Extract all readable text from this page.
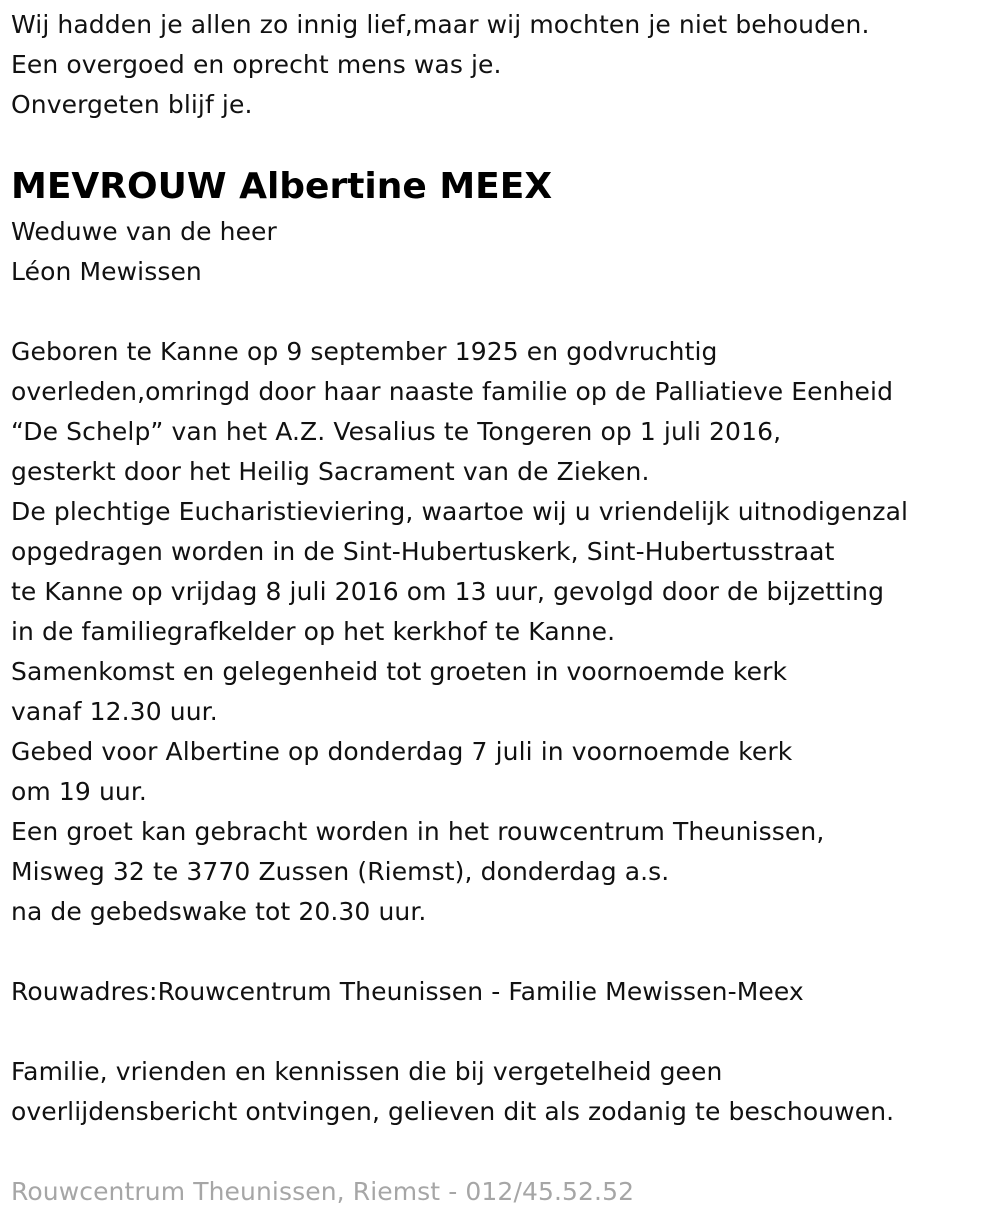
Wij hadden je allen zo innig lief,maar wij mochten je niet behouden.
Een overgoed en oprecht mens was je.
Onvergeten blijf je.
MEVROUW Albertine MEEX
Weduwe van de heer
Léon Mewissen
Geboren te Kanne op 9 september 1925 en godvruchtig
overleden,omringd door haar naaste familie op de Palliatieve Eenheid
“De Schelp” van het A.Z. Vesalius te Tongeren op 1 juli 2016,
gesterkt door het Heilig Sacrament van de Zieken.
De plechtige Eucharistieviering, waartoe wij u vriendelijk uitnodigenzal
opgedragen worden in de Sint-Hubertuskerk, Sint-Hubertusstraat
te Kanne op vrijdag 8 juli 2016 om 13 uur, gevolgd door de bijzetting
in de familiegrafkelder op het kerkhof te Kanne.
Samenkomst en gelegenheid tot groeten in voornoemde kerk
vanaf 12.30 uur.
Gebed voor Albertine op donderdag 7 juli in voornoemde kerk
om 19 uur.
Een groet kan gebracht worden in het rouwcentrum Theunissen,
Misweg 32 te 3770 Zussen (Riemst), donderdag a.s.
na de gebedswake tot 20.30 uur.
Rouwadres:Rouwcentrum Theunissen - Familie Mewissen-Meex
Familie, vrienden en kennissen die bij vergetelheid geen
overlijdensbericht ontvingen, gelieven dit als zodanig te beschouwen.
Rouwcentrum Theunissen, Riemst - 012/45.52.52
